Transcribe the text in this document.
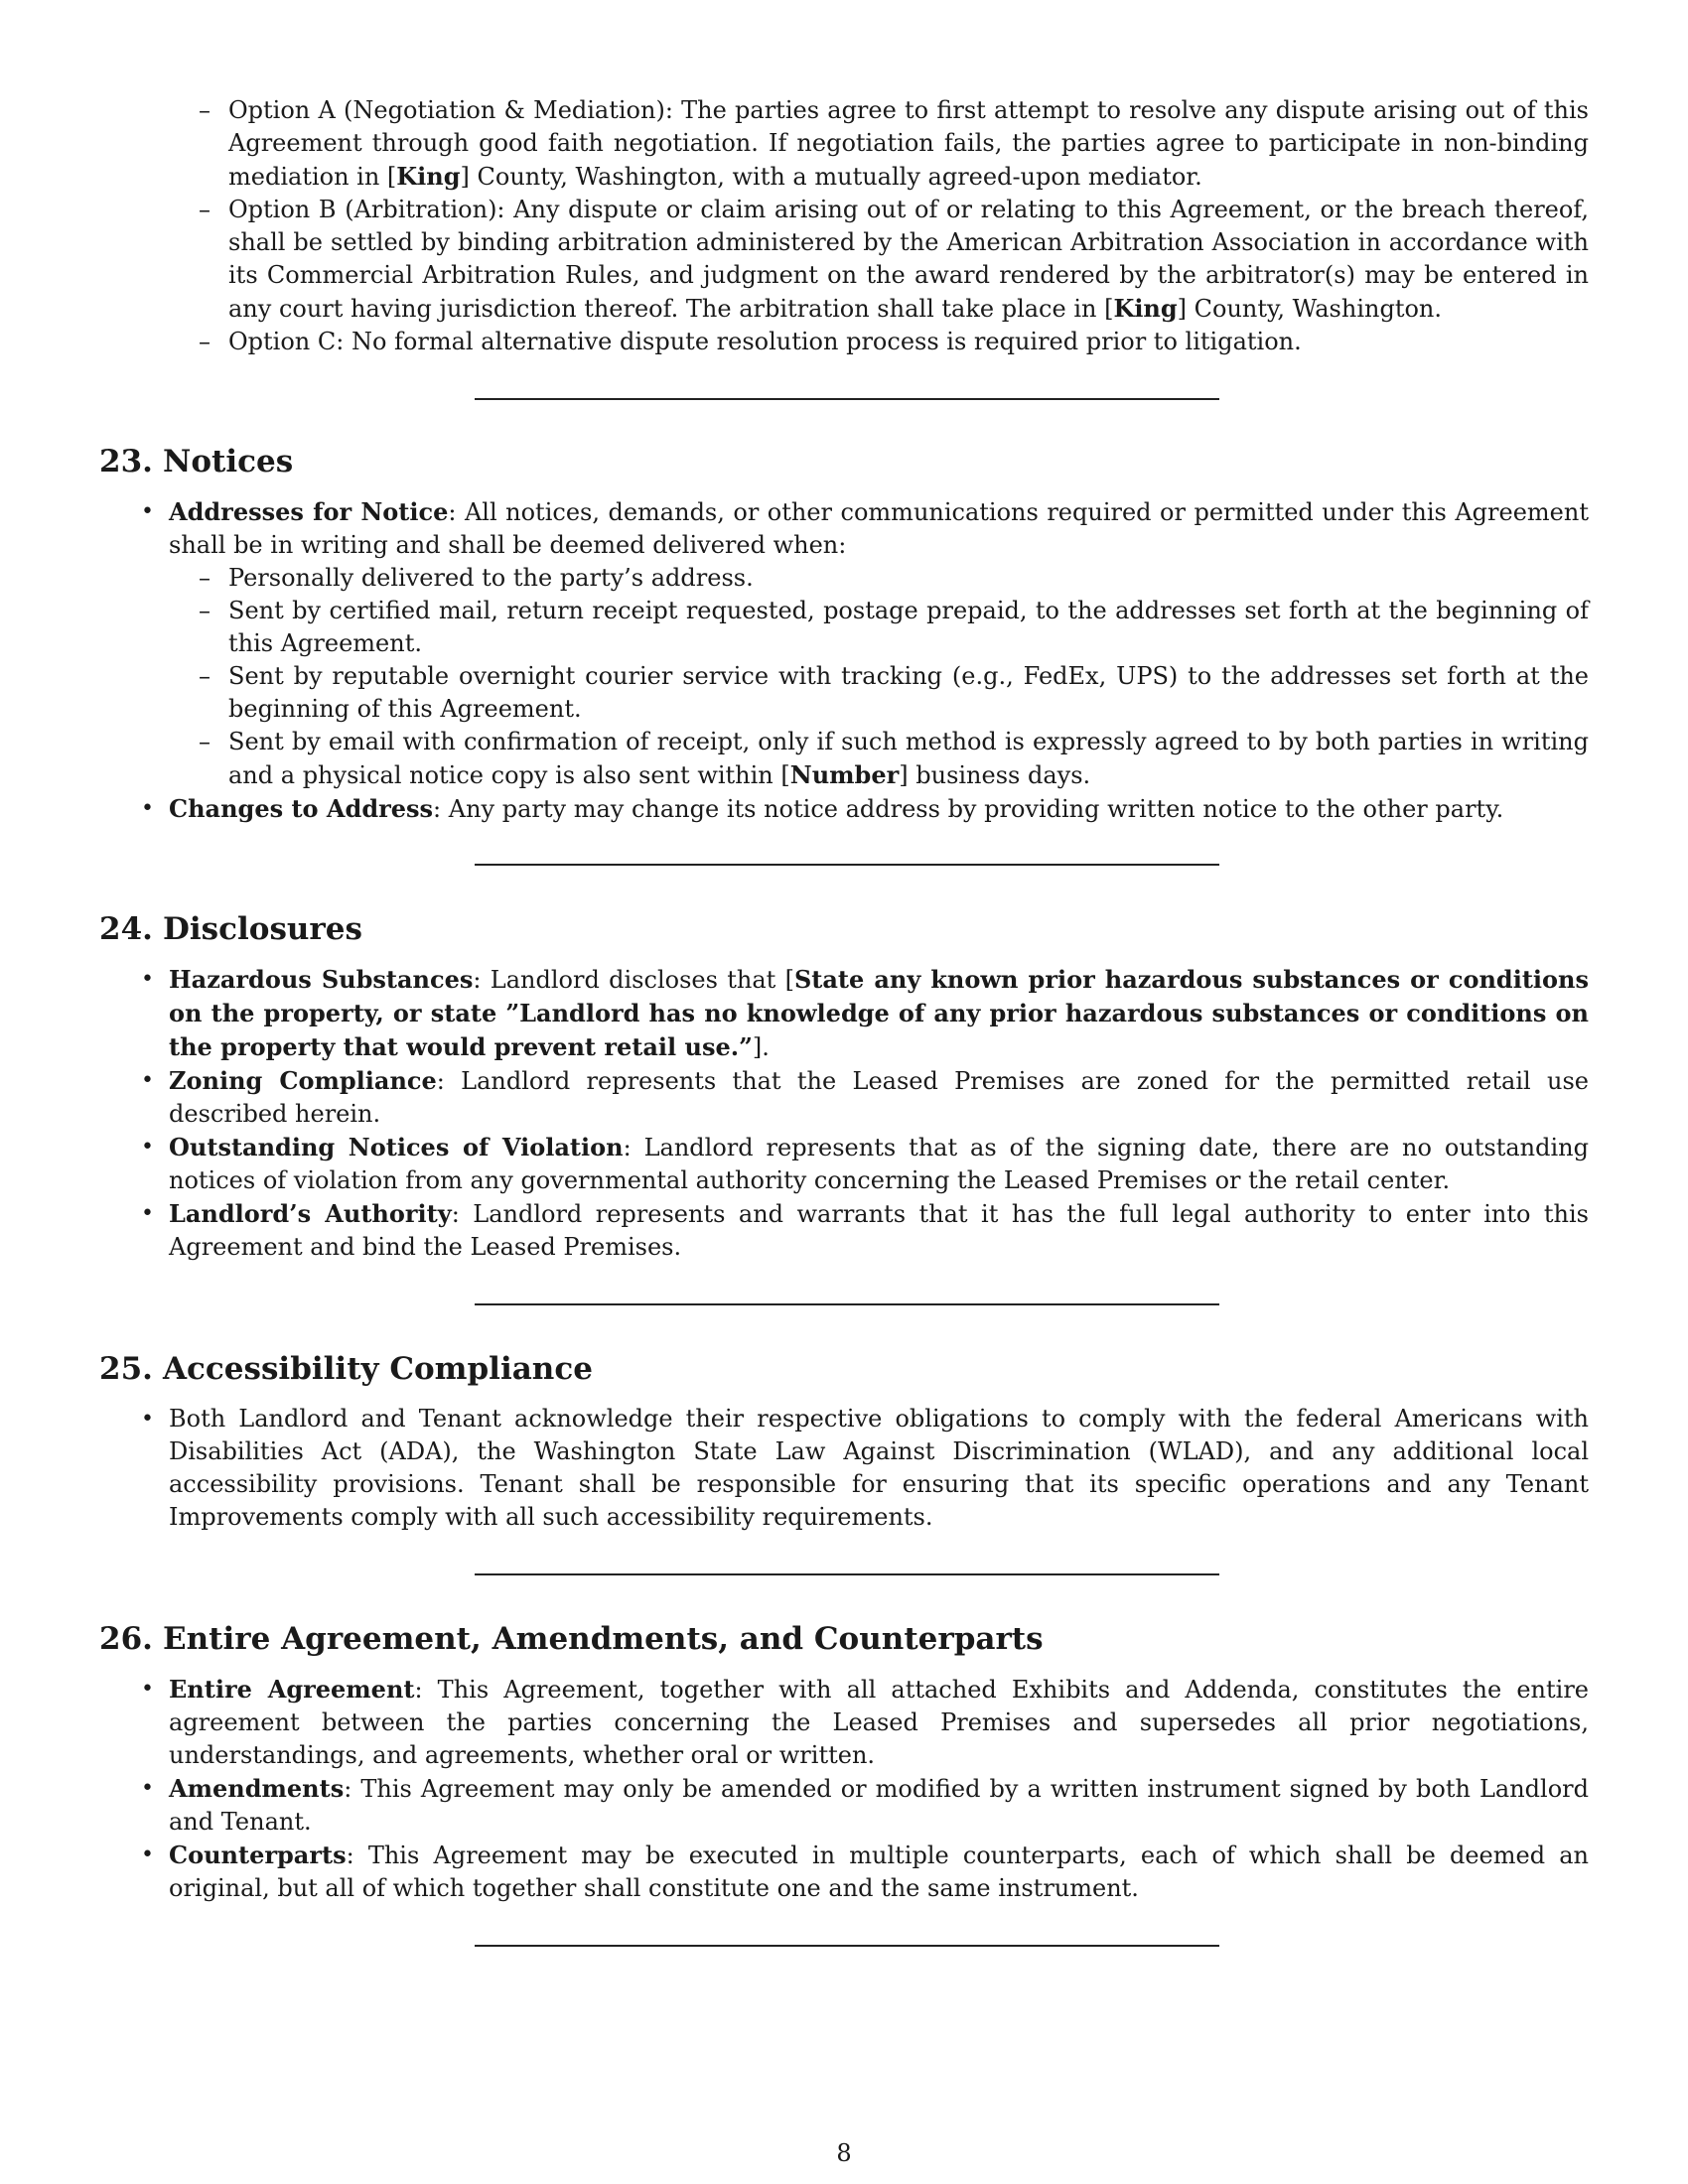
– Option A (Negotiation & Mediation): The parties agree to first attempt to resolve any dispute arising out of this Agreement through good faith negotiation. If negotiation fails, the parties agree to participate in non-binding mediation in [King] County, Washington, with a mutually agreed-upon mediator.
– Option B (Arbitration): Any dispute or claim arising out of or relating to this Agreement, or the breach thereof, shall be settled by binding arbitration administered by the American Arbitration Association in accordance with its Commercial Arbitration Rules, and judgment on the award rendered by the arbitrator(s) may be entered in any court having jurisdiction thereof. The arbitration shall take place in [King] County, Washington.
– Option C: No formal alternative dispute resolution process is required prior to litigation.
23. Notices
• Addresses for Notice: All notices, demands, or other communications required or permitted under this Agreement shall be in writing and shall be deemed delivered when:
– Personally delivered to the party’s address.
– Sent by certified mail, return receipt requested, postage prepaid, to the addresses set forth at the beginning of this Agreement.
– Sent by reputable overnight courier service with tracking (e.g., FedEx, UPS) to the addresses set forth at the beginning of this Agreement.
– Sent by email with confirmation of receipt, only if such method is expressly agreed to by both parties in writing and a physical notice copy is also sent within [Number] business days.
• Changes to Address: Any party may change its notice address by providing written notice to the other party.
24. Disclosures
• Hazardous Substances: Landlord discloses that [State any known prior hazardous substances or conditions on the property, or state ”Landlord has no knowledge of any prior hazardous substances or conditions on the property that would prevent retail use.”].
• Zoning Compliance: Landlord represents that the Leased Premises are zoned for the permitted retail use described herein.
• Outstanding Notices of Violation: Landlord represents that as of the signing date, there are no outstanding notices of violation from any governmental authority concerning the Leased Premises or the retail center.
• Landlord’s Authority: Landlord represents and warrants that it has the full legal authority to enter into this Agreement and bind the Leased Premises.
25. Accessibility Compliance
• Both Landlord and Tenant acknowledge their respective obligations to comply with the federal Americans with Disabilities Act (ADA), the Washington State Law Against Discrimination (WLAD), and any additional local accessibility provisions. Tenant shall be responsible for ensuring that its specific operations and any Tenant Improvements comply with all such accessibility requirements.
26. Entire Agreement, Amendments, and Counterparts
• Entire Agreement: This Agreement, together with all attached Exhibits and Addenda, constitutes the entire agreement between the parties concerning the Leased Premises and supersedes all prior negotiations, understandings, and agreements, whether oral or written.
• Amendments: This Agreement may only be amended or modified by a written instrument signed by both Landlord and Tenant.
• Counterparts: This Agreement may be executed in multiple counterparts, each of which shall be deemed an original, but all of which together shall constitute one and the same instrument.
8
